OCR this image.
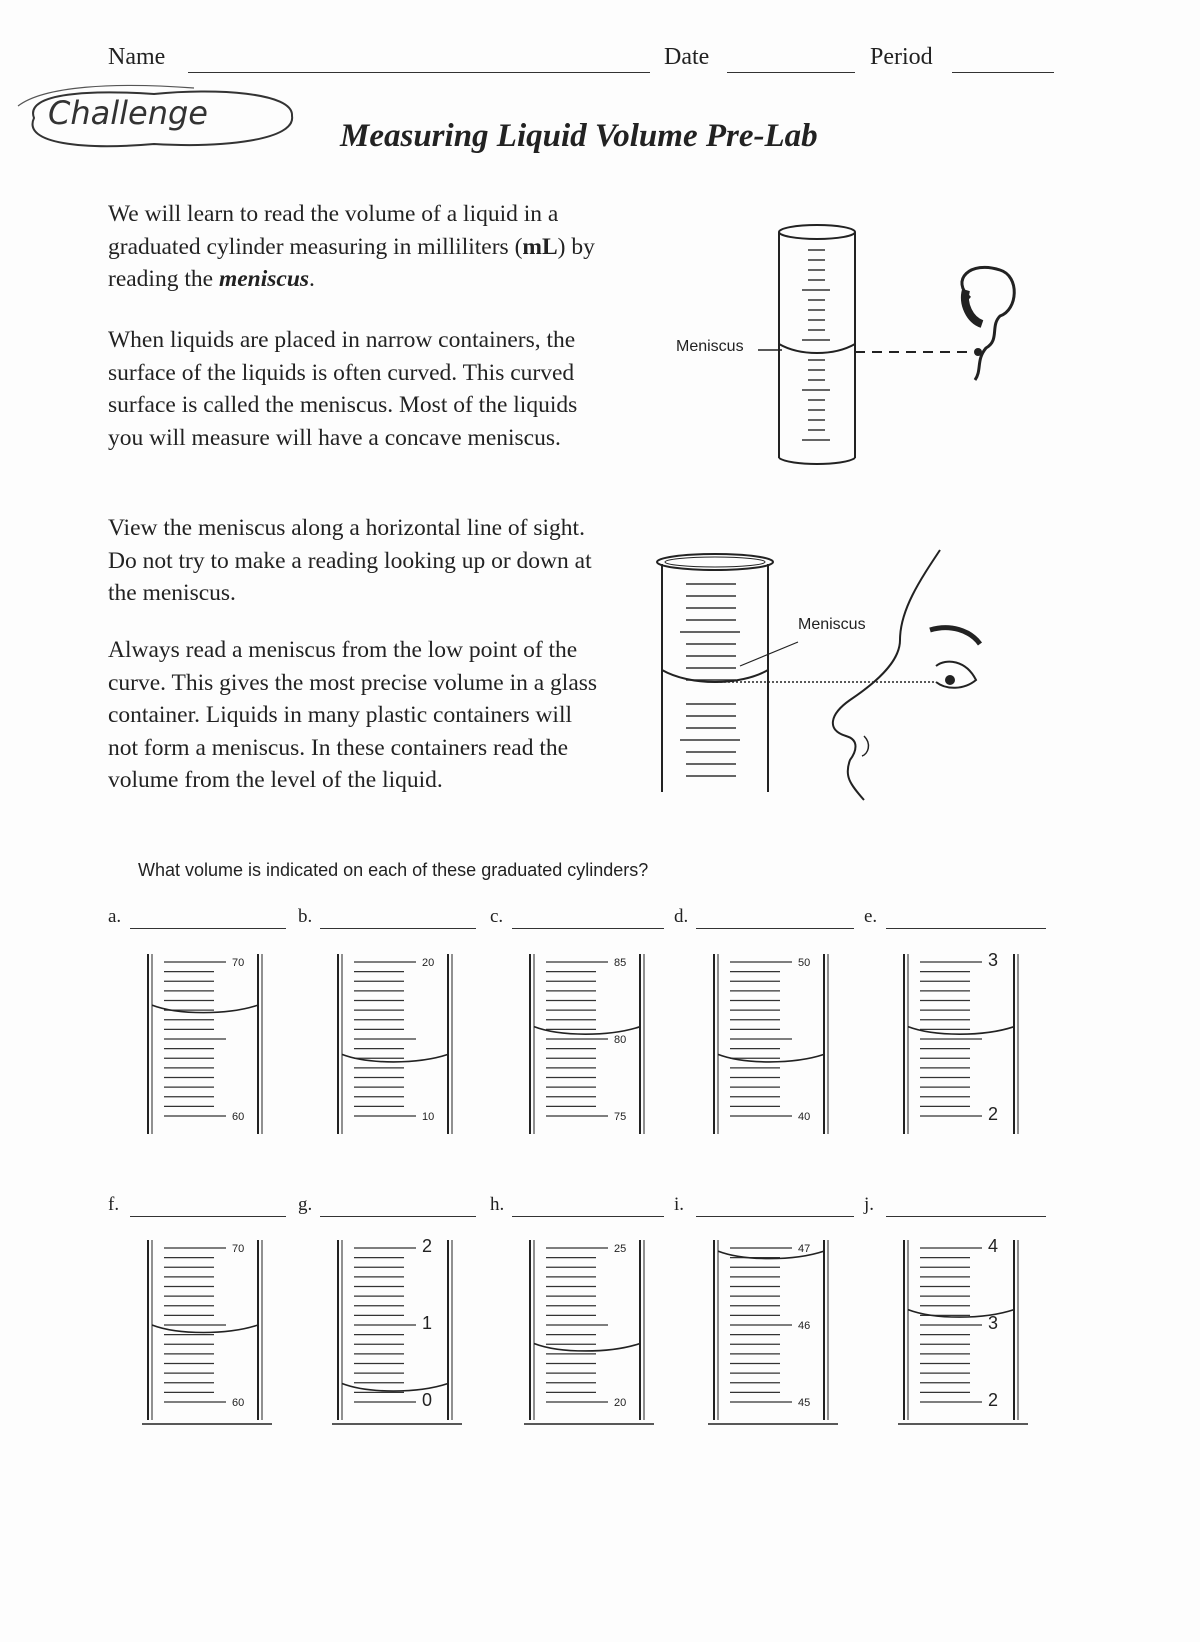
Name	Date	Period
Challenge
Measuring Liquid Volume Pre-Lab
We will learn to read the volume of a liquid in a graduated cylinder measuring in milliliters (mL) by reading the meniscus.
When liquids are placed in narrow containers, the surface of the liquids is often curved. This curved surface is called the meniscus. Most of the liquids you will measure will have a concave meniscus.
View the meniscus along a horizontal line of sight. Do not try to make a reading looking up or down at the meniscus.
Always read a meniscus from the low point of the curve. This gives the most precise volume in a glass container. Liquids in many plastic containers will not form a meniscus. In these containers read the volume from the level of the liquid.
Meniscus
Meniscus
What volume is indicated on each of these graduated cylinders?
a.
70
60
b.
20
10
c.
85
80
75
d.
50
40
e.
3
2
f.
70
60
g.
2
1
0
h.
25
20
i.
47
46
45
j.
4
3
2
